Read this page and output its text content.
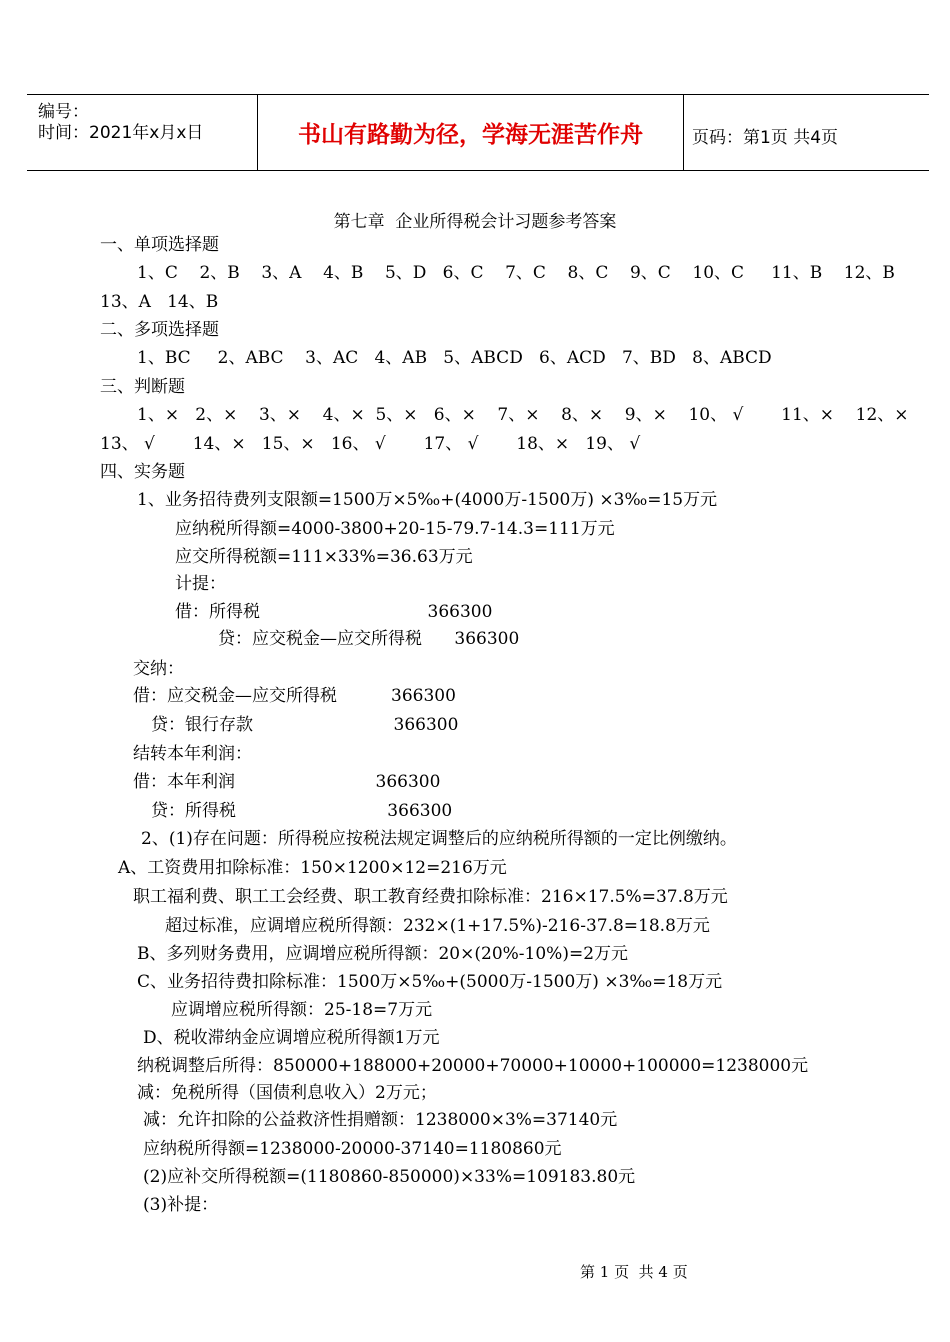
编号：
时间：2021年x月x日	书山有路勤为径，学海无涯苦作舟	页码：第1页 共4页
第七章  企业所得税会计习题参考答案
一、单项选择题
1、C    2、B    3、A    4、B    5、D   6、C    7、C    8、C    9、C    10、C     11、B    12、B
13、A   14、B
二、多项选择题
1、BC     2、ABC    3、AC   4、AB   5、ABCD   6、ACD   7、BD   8、ABCD
三、判断题
1、×   2、×    3、×    4、×  5、×   6、×    7、×    8、×    9、×    10、 √       11、×    12、×
13、 √       14、×   15、×   16、 √       17、 √       18、×   19、 √
四、实务题
1、业务招待费列支限额=1500万×5‰+(4000万-1500万) ×3‰=15万元
应纳税所得额=4000-3800+20-15-79.7-14.3=111万元
应交所得税额=111×33%=36.63万元
计提：
借：所得税                               366300
贷：应交税金—应交所得税      366300
交纳：
借：应交税金—应交所得税          366300
贷：银行存款                          366300
结转本年利润：
借：本年利润                          366300
贷：所得税                            366300
2、(1)存在问题：所得税应按税法规定调整后的应纳税所得额的一定比例缴纳。
A、工资费用扣除标准：150×1200×12=216万元
职工福利费、职工工会经费、职工教育经费扣除标准：216×17.5%=37.8万元
超过标准，应调增应税所得额：232×(1+17.5%)-216-37.8=18.8万元
B、多列财务费用，应调增应税所得额：20×(20%-10%)=2万元
C、业务招待费扣除标准：1500万×5‰+(5000万-1500万) ×3‰=18万元
应调增应税所得额：25-18=7万元
D、税收滞纳金应调增应税所得额1万元
纳税调整后所得：850000+188000+20000+70000+10000+100000=1238000元
减：免税所得（国债利息收入）2万元；
减：允许扣除的公益救济性捐赠额：1238000×3%=37140元
应纳税所得额=1238000-20000-37140=1180860元
(2)应补交所得税额=(1180860-850000)×33%=109183.80元
(3)补提：
第 1 页  共 4 页
